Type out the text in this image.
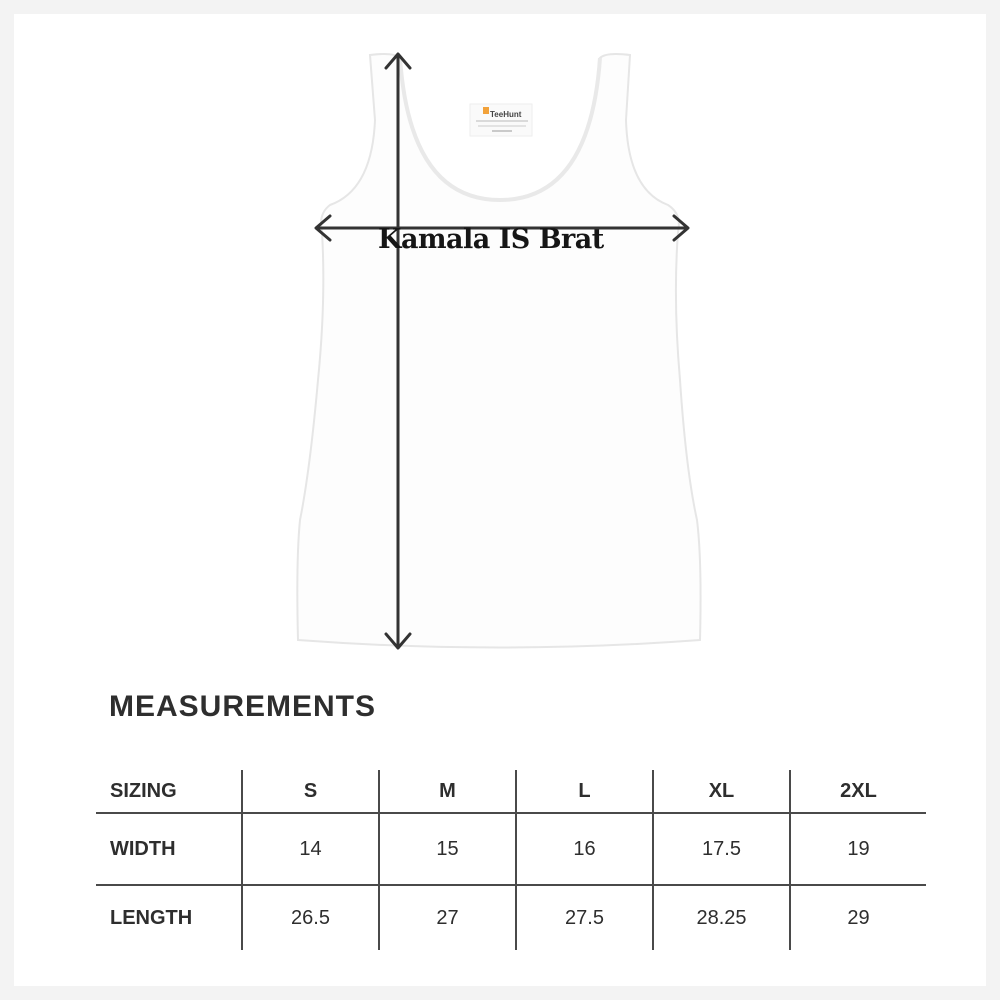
TeeHunt
Kamala IS Brat
MEASUREMENTS
SIZING	S	M	L	XL	2XL
WIDTH	14	15	16	17.5	19
LENGTH	26.5	27	27.5	28.25	29
